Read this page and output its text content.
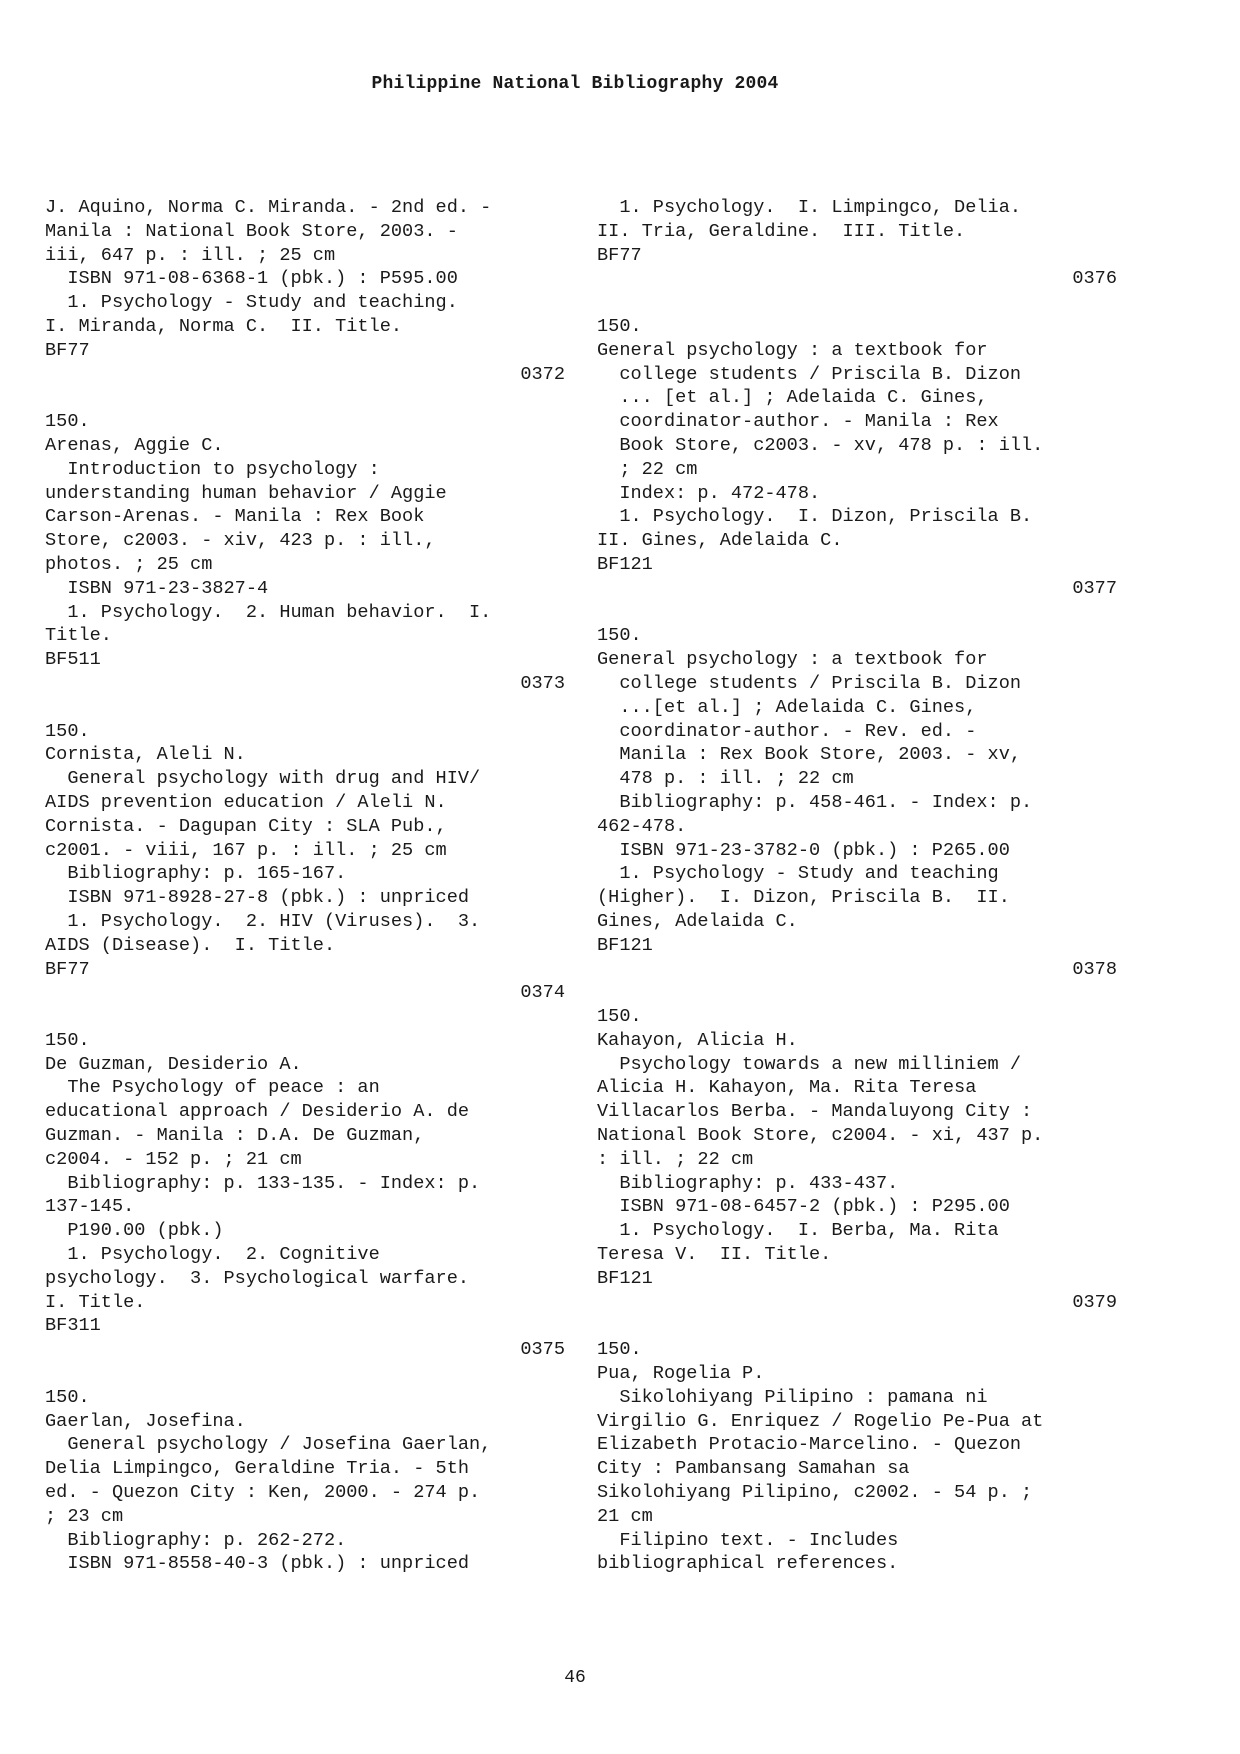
Philippine National Bibliography 2004
J. Aquino, Norma C. Miranda. - 2nd ed. -
Manila : National Book Store, 2003. -
iii, 647 p. : ill. ; 25 cm
ISBN 971-08-6368-1 (pbk.) : P595.00
1. Psychology - Study and teaching.
I. Miranda, Norma C.  II. Title.
BF77
0372
150.
Arenas, Aggie C.
Introduction to psychology :
understanding human behavior / Aggie
Carson-Arenas. - Manila : Rex Book
Store, c2003. - xiv, 423 p. : ill.,
photos. ; 25 cm
ISBN 971-23-3827-4
1. Psychology.  2. Human behavior.  I.
Title.
BF511
0373
150.
Cornista, Aleli N.
General psychology with drug and HIV/
AIDS prevention education / Aleli N.
Cornista. - Dagupan City : SLA Pub.,
c2001. - viii, 167 p. : ill. ; 25 cm
Bibliography: p. 165-167.
ISBN 971-8928-27-8 (pbk.) : unpriced
1. Psychology.  2. HIV (Viruses).  3.
AIDS (Disease).  I. Title.
BF77
0374
150.
De Guzman, Desiderio A.
The Psychology of peace : an
educational approach / Desiderio A. de
Guzman. - Manila : D.A. De Guzman,
c2004. - 152 p. ; 21 cm
Bibliography: p. 133-135. - Index: p.
137-145.
P190.00 (pbk.)
1. Psychology.  2. Cognitive
psychology.  3. Psychological warfare.
I. Title.
BF311
0375
150.
Gaerlan, Josefina.
General psychology / Josefina Gaerlan,
Delia Limpingco, Geraldine Tria. - 5th
ed. - Quezon City : Ken, 2000. - 274 p.
; 23 cm
Bibliography: p. 262-272.
ISBN 971-8558-40-3 (pbk.) : unpriced
1. Psychology.  I. Limpingco, Delia.
II. Tria, Geraldine.  III. Title.
BF77
0376
150.
General psychology : a textbook for
college students / Priscila B. Dizon
... [et al.] ; Adelaida C. Gines,
coordinator-author. - Manila : Rex
Book Store, c2003. - xv, 478 p. : ill.
; 22 cm
Index: p. 472-478.
1. Psychology.  I. Dizon, Priscila B.
II. Gines, Adelaida C.
BF121
0377
150.
General psychology : a textbook for
college students / Priscila B. Dizon
...[et al.] ; Adelaida C. Gines,
coordinator-author. - Rev. ed. -
Manila : Rex Book Store, 2003. - xv,
478 p. : ill. ; 22 cm
Bibliography: p. 458-461. - Index: p.
462-478.
ISBN 971-23-3782-0 (pbk.) : P265.00
1. Psychology - Study and teaching
(Higher).  I. Dizon, Priscila B.  II.
Gines, Adelaida C.
BF121
0378
150.
Kahayon, Alicia H.
Psychology towards a new milliniem /
Alicia H. Kahayon, Ma. Rita Teresa
Villacarlos Berba. - Mandaluyong City :
National Book Store, c2004. - xi, 437 p.
: ill. ; 22 cm
Bibliography: p. 433-437.
ISBN 971-08-6457-2 (pbk.) : P295.00
1. Psychology.  I. Berba, Ma. Rita
Teresa V.  II. Title.
BF121
0379
150.
Pua, Rogelia P.
Sikolohiyang Pilipino : pamana ni
Virgilio G. Enriquez / Rogelio Pe-Pua at
Elizabeth Protacio-Marcelino. - Quezon
City : Pambansang Samahan sa
Sikolohiyang Pilipino, c2002. - 54 p. ;
21 cm
Filipino text. - Includes
bibliographical references.
46
